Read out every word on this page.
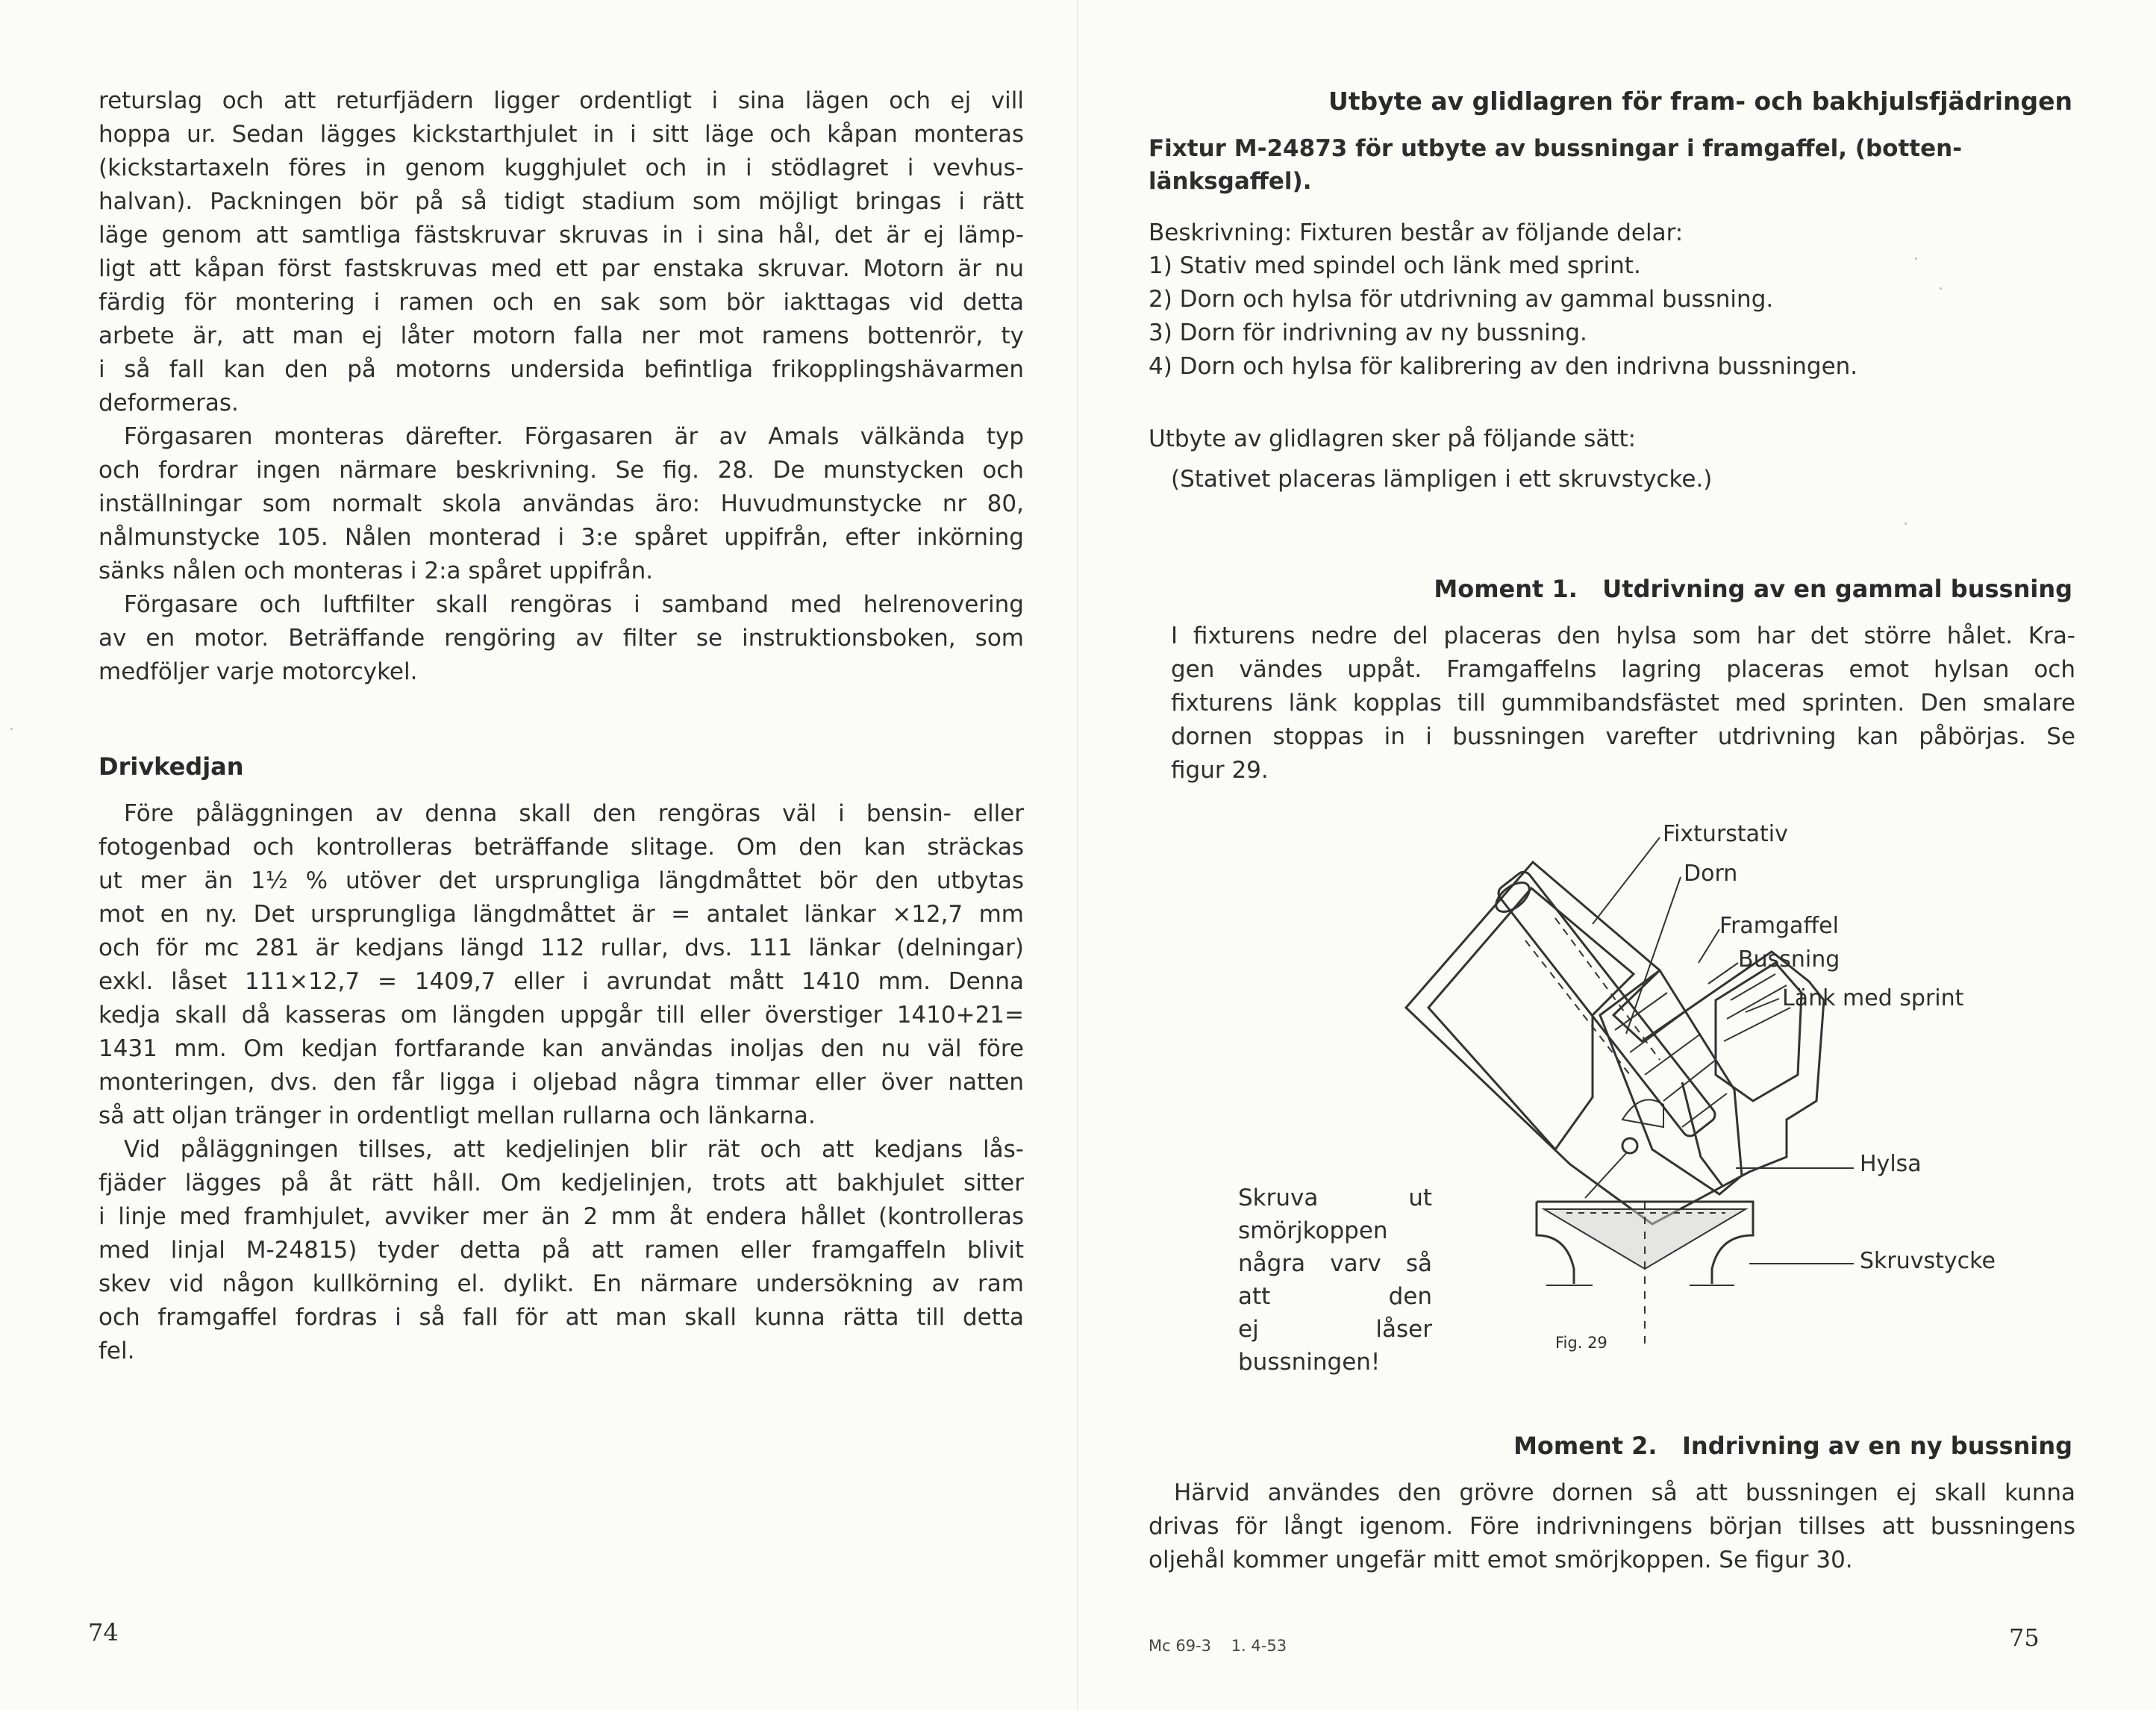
returslag och att returfjädern ligger ordentligt i sina lägen och ej vill
hoppa ur. Sedan lägges kickstarthjulet in i sitt läge och kåpan monteras
(kickstartaxeln föres in genom kugghjulet och in i stödlagret i vevhus-
halvan). Packningen bör på så tidigt stadium som möjligt bringas i rätt
läge genom att samtliga fästskruvar skruvas in i sina hål, det är ej lämp-
ligt att kåpan först fastskruvas med ett par enstaka skruvar. Motorn är nu
färdig för montering i ramen och en sak som bör iakttagas vid detta
arbete är, att man ej låter motorn falla ner mot ramens bottenrör, ty
i så fall kan den på motorns undersida befintliga frikopplingshävarmen
deformeras.
Förgasaren monteras därefter. Förgasaren är av Amals välkända typ
och fordrar ingen närmare beskrivning. Se fig. 28. De munstycken och
inställningar som normalt skola användas äro: Huvudmunstycke nr 80,
nålmunstycke 105. Nålen monterad i 3:e spåret uppifrån, efter inkörning
sänks nålen och monteras i 2:a spåret uppifrån.
Förgasare och luftfilter skall rengöras i samband med helrenovering
av en motor. Beträffande rengöring av filter se instruktionsboken, som
medföljer varje motorcykel.
Drivkedjan
Före påläggningen av denna skall den rengöras väl i bensin- eller
fotogenbad och kontrolleras beträffande slitage. Om den kan sträckas
ut mer än 1½ % utöver det ursprungliga längdmåttet bör den utbytas
mot en ny. Det ursprungliga längdmåttet är = antalet länkar ×12,7 mm
och för mc 281 är kedjans längd 112 rullar, dvs. 111 länkar (delningar)
exkl. låset 111×12,7 = 1409,7 eller i avrundat mått 1410 mm. Denna
kedja skall då kasseras om längden uppgår till eller överstiger 1410+21=
1431 mm. Om kedjan fortfarande kan användas inoljas den nu väl före
monteringen, dvs. den får ligga i oljebad några timmar eller över natten
så att oljan tränger in ordentligt mellan rullarna och länkarna.
Vid påläggningen tillses, att kedjelinjen blir rät och att kedjans lås-
fjäder lägges på åt rätt håll. Om kedjelinjen, trots att bakhjulet sitter
i linje med framhjulet, avviker mer än 2 mm åt endera hållet (kontrolleras
med linjal M-24815) tyder detta på att ramen eller framgaffeln blivit
skev vid någon kullkörning el. dylikt. En närmare undersökning av ram
och framgaffel fordras i så fall för att man skall kunna rätta till detta
fel.
74
Utbyte av glidlagren för fram- och bakhjulsfjädringen
Fixtur M-24873 för utbyte av bussningar i framgaffel, (botten-
länksgaffel).

Beskrivning: Fixturen består av följande delar:

1) Stativ med spindel och länk med sprint.
2) Dorn och hylsa för utdrivning av gammal bussning.
3) Dorn för indrivning av ny bussning.
4) Dorn och hylsa för kalibrering av den indrivna bussningen.

Utbyte av glidlagren sker på följande sätt:

(Stativet placeras lämpligen i ett skruvstycke.)

Moment 1.   Utdrivning av en gammal bussning
I fixturens nedre del placeras den hylsa som har det större hålet. Kra-
gen vändes uppåt. Framgaffelns lagring placeras emot hylsan och
fixturens länk kopplas till gummibandsfästet med sprinten. Den smalare
dornen stoppas in i bussningen varefter utdrivning kan påbörjas. Se
figur 29.
Fixturstativ
Dorn
Framgaffel
Bussning
Länk med sprint
Hylsa
Skruvstycke
Skruva ut smörjkoppen
några varv så att den
ej låser bussningen!
Fig. 29
Moment 2.   Indrivning av en ny bussning
Härvid användes den grövre dornen så att bussningen ej skall kunna
drivas för långt igenom. Före indrivningens början tillses att bussningens
oljehål kommer ungefär mitt emot smörjkoppen. Se figur 30.
Mc 69-3    1. 4-53	75
